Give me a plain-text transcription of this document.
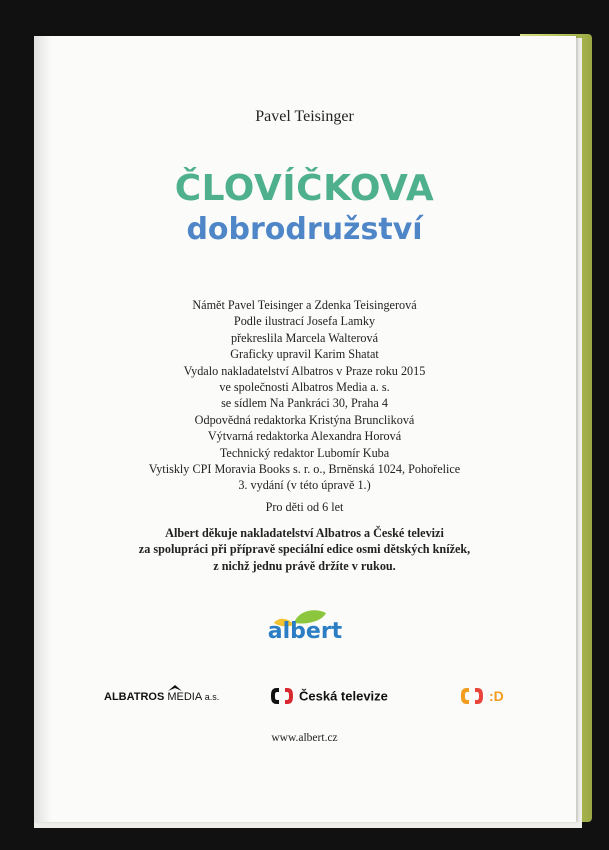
Pavel Teisinger
ČLOVÍČKOVA
dobrodružství
Námět Pavel Teisinger a Zdenka Teisingerová
Podle ilustrací Josefa Lamky
překreslila Marcela Walterová
Graficky upravil Karim Shatat
Vydalo nakladatelství Albatros v Praze roku 2015
ve společnosti Albatros Media a. s.
se sídlem Na Pankráci 30, Praha 4
Odpovědná redaktorka Kristýna Bruncliková
Výtvarná redaktorka Alexandra Horová
Technický redaktor Lubomír Kuba
Vytiskly CPI Moravia Books s. r. o., Brněnská 1024, Pohořelice
3. vydání (v této úpravě 1.)
Pro děti od 6 let
Albert děkuje nakladatelství Albatros a České televizi
za spolupráci při přípravě speciální edice osmi dětských knížek,
z nichž jednu právě držíte v rukou.
albert
ALBATROS MEDIA a.s.	Česká televize	:D
www.albert.cz
